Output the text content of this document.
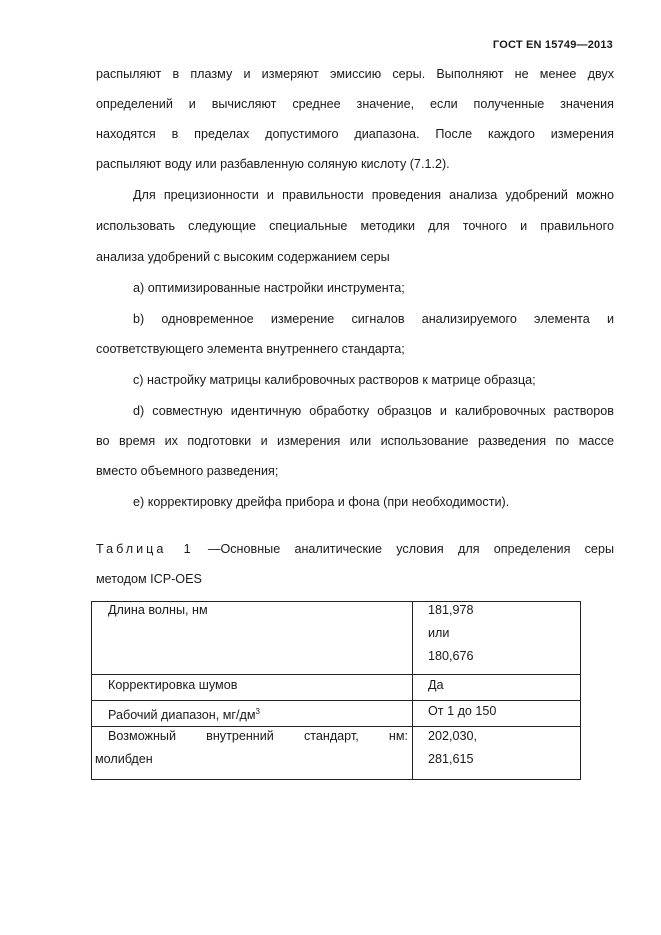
ГОСТ EN 15749—2013
распыляют в плазму и измеряют эмиссию серы. Выполняют не менее двух
определений и вычисляют среднее значение, если полученные значения
находятся в пределах допустимого диапазона. После каждого измерения
распыляют воду или разбавленную соляную кислоту (7.1.2).
Для прецизионности и правильности проведения анализа удобрений можно
использовать следующие специальные методики для точного и правильного
анализа удобрений с высоким содержанием серы
a) оптимизированные настройки инструмента;
b) одновременное измерение сигналов анализируемого элемента и
соответствующего элемента внутреннего стандарта;
c) настройку матрицы калибровочных растворов к матрице образца;
d) совместную идентичную обработку образцов и калибровочных растворов
во время их подготовки и измерения или использование разведения по массе
вместо объемного разведения;
e) корректировку дрейфа прибора и фона (при необходимости).
Таблица 1 —Основные аналитические условия для определения серы
методом ICP-OES
Длина волны, нм	181,978
или
180,676

Корректировка шумов	Да

Рабочий диапазон, $мг/дм^3$	От 1 до 150

Возможный внутренний стандарт, нм:
молибден	202,030,
281,615
